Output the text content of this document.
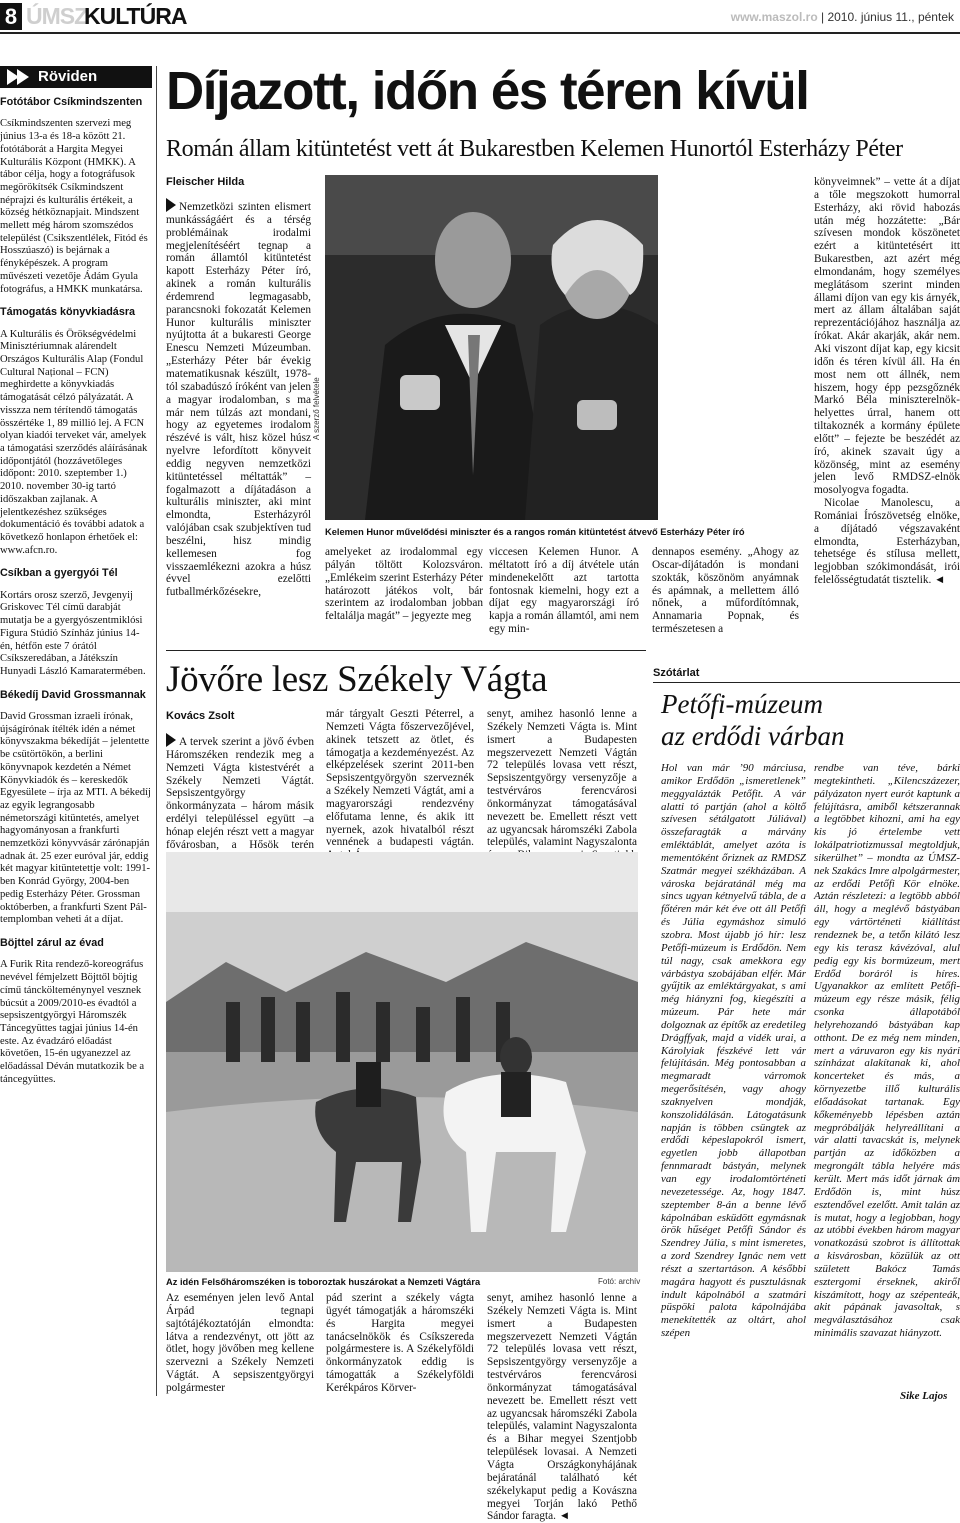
8 ÚMSZ
KULTÚRA	www.maszol.ro | 2010. június 11., péntek
Röviden
Fotótábor Csíkmindszenten

Csíkmindszenten szervezi meg június 13-a és 18-a között 21. fotótáborát a Hargita Megyei Kulturális Központ (HMKK). A tábor célja, hogy a fotográfusok megörökítsék Csíkmindszent néprajzi és kulturális értékeit, a község hétköznapjait. Mindszent mellett még három szomszédos települést (Csikszentlélek, Fitód és Hosszúaszó) is bejárnak a fényképészek. A program művészeti vezetője Ádám Gyula fotográfus, a HMKK munkatársa.

Támogatás könyvkiadásra

A Kulturális és Örökségvédelmi Minisztériumnak alárendelt Országos Kulturális Alap (Fondul Cultural Național – FCN) meghirdette a könyvkiadás támogatását célzó pályázatát. A visszza nem térítendő támogatás összértéke 1, 89 millió lej. A FCN olyan kiadói terveket vár, amelyek a támogatási szerződés aláírásának időpontjától (hozzávetőleges időpont: 2010. szeptember 1.) 2010. november 30-ig tartó időszakban zajlanak. A jelentkezéshez szükséges dokumentáció és további adatok a következő honlapon érhetőek el: www.afcn.ro.

Csíkban a gyergyói Tél

Kortárs orosz szerző, Jevgenyij Griskovec Tél című darabját mutatja be a gyergyószentmiklósi Figura Stúdió Színház június 14-én, hétfőn este 7 órától Csíkszeredában, a Játékszín Hunyadi László Kamaratermében.

Békedíj David Grossmannak

David Grossman izraeli írónak, újságírónak ítélték idén a német könyvszakma békedíját – jelentette be csütörtökön, a berlini könyvnapok kezdetén a Német Könyvkiadók és – kereskedők Egyesülete – írja az MTI. A békedíj az egyik legrangosabb németországi kitüntetés, amelyet hagyományosan a frankfurti nemzetközi könyvvásár zárónapján adnak át. 25 ezer euróval jár, eddig két magyar kitüntetettje volt: 1991-ben Konrád György, 2004-ben pedig Esterházy Péter. Grossman októberben, a frankfurti Szent Pál-templomban veheti át a díjat.

Böjttel zárul az évad

A Furik Rita rendező-koreográfus nevével fémjelzett Böjttől böjtig című tánckölteménynyel vesznek búcsút a 2009/2010-es évadtól a sepsiszentgyörgyi Háromszék Táncegyüttes tagjai június 14-én este. Az évadzáró előadást követően, 15-én ugyanezzel az előadással Déván mutatkozik be a táncegyüttes.

Díjazott, időn és téren kívül
Román állam kitüntetést vett át Bukarestben Kelemen Hunortól Esterházy Péter
Fleischer Hilda
Nemzetközi szinten elismert munkásságáért és a térség problémáinak irodalmi megjelenítéséért tegnap a román államtól kitüntetést kapott Esterházy Péter író, akinek a román kulturális érdemrend legmagasabb, parancsnoki fokozatát Kelemen Hunor kulturális miniszter nyújtotta át a bukaresti George Enescu Nemzeti Múzeumban. „Esterházy Péter bár évekig matematikusnak készült, 1978-tól szabadúszó íróként van jelen a magyar irodalomban, s ma már nem túlzás azt mondani, hogy az egyetemes irodalom részévé is vált, hisz közel húsz nyelvre lefordított könyveit eddig negyven nemzetközi kitüntetéssel méltatták” – fogalmazott a díjátadáson a kulturális miniszter, aki mint elmondta, Esterházyról valójában csak szubjektíven tud beszélni, hisz mindig kellemesen fog visszaemlékezni azokra a húsz évvel ezelőtti futballmérkőzésekre,
A szerző felvétele
Kelemen Hunor művelődési miniszter és a rangos román kitüntetést átvevő Esterházy Péter író
amelyeket az irodalommal egy pályán töltött Kolozsváron. „Emlékeim szerint Esterházy Péter határozott játékos volt, bár szerintem az irodalomban jobban feltalálja magát” – jegyezte meg
viccesen Kelemen Hunor. A méltatott író a díj átvétele után mindenekelőtt azt tartotta fontosnak kiemelni, hogy ezt a díjat egy magyarországi író kapja a román államtól, ami nem egy min-
dennapos esemény. „Ahogy az Oscar-díjátadón is mondani szokták, köszönöm anyámnak és apámnak, a mellettem álló nőnek, a műfordítómnak, Annamaria Popnak, és természetesen a

könyveimnek” – vette át a díjat a tőle megszokott humorral Esterházy, aki rövid habozás után még hozzátette: „Bár szívesen mondok köszönetet ezért a kitüntetésért itt Bukarestben, azt azért még elmondanám, hogy személyes meglátásom szerint minden állami díjon van egy kis árnyék, mert az állam általában saját reprezentációjához használja az írókat. Akár akarják, akár nem. Aki viszont díjat kap, egy kicsit időn és téren kívül áll. Ha én most nem ott állnék, nem hiszem, hogy épp pezsgőznék Markó Béla miniszterelnök-helyettes úrral, hanem ott tiltakoznék a kormány épülete előtt” – fejezte be beszédét az író, akinek szavait úgy a közönség, mint az esemény jelen levő RMDSZ-elnök mosolyogva fogadta.

Nicolae Manolescu, a Romániai Írószövetség elnöke, a díjátadó végszavaként elmondta, Esterházyban, tehetsége és stílusa mellett, legjobban szókimondását, irói felelősségtudatát tisztelik. ◄

Jövőre lesz Székely Vágta
Kovács Zsolt
A tervek szerint a jövő évben Háromszéken rendezik meg a Nemzeti Vágta kistestvérét a Székely Nemzeti Vágtát. Sepsiszentgyörgy önkormányzata – három másik erdélyi településsel együtt –a hónap elején részt vett a magyar fővárosban, a Hősök terén
már tárgyalt Geszti Péterrel, a Nemzeti Vágta főszervezőjével, akinek tetszett az ötlet, és támogatja a kezdeményezést. Az elképzelések szerint 2011-ben Sepsiszentgyörgyön szerveznék a Székely Nemzeti Vágtát, ami a magyarországi rendezvény előfutama lenne, és akik itt nyernek, azok hivatalból részt vennének a budapesti vágtán.
senyt, amihez hasonló lenne a Székely Nemzeti Vágta is. Mint ismert a Budapesten megszervezett Nemzeti Vágtán 72 település lovasa vett részt, Sepsiszentgyörgy versenyzője a testvérváros ferencvárosi önkormányzat támogatásával nevezett be. Emellett részt vett az ugyancsak háromszéki Zabola település, valamint Nagyszalonta
Az idén Felsőháromszéken is toboroztak huszárokat a Nemzeti Vágtára	Fotó: archív
Az eseményen jelen levő Antal Árpád tegnapi sajtótájékoztatóján elmondta: látva a rendezvényt, ott jött az ötlet, hogy jövőben meg kellene szervezni a Székely Nemzeti Vágtát. A sepsiszentgyörgyi polgármester
pád szerint a székely vágta ügyét támogatják a háromszéki és Hargita megyei tanácselnökök és Csíkszereda polgármestere is. A Székelyföldi önkormányzatok eddig is támogatták a Székelyföldi Kerékpáros Körver-
senyt, amihez hasonló lenne a Székely Nemzeti Vágta is. Mint ismert a Budapesten megszervezett Nemzeti Vágtán 72 település lovasa vett részt, Sepsiszentgyörgy versenyzője a testvérváros ferencvárosi önkormányzat támogatásával nevezett be. Emellett részt vett az ugyancsak háromszéki Zabola település, valamint Nagyszalonta és a Bihar megyei Szentjobb települések lovasai. A Nemzeti Vágta Országkonyhájának bejáratánál található két székelykaput pedig a Kovászna megyei Torján lakó Pethő Sándor faragta. ◄
Szótárlat
Petőfi-múzeum
az erdődi várban
Hol van már ’90 márciusa, amikor Erdődön „ismeretlenek” meggyalázták Petőfit. A vár alatti tó partján (ahol a költő szívesen sétálgatott Júliával) összefaragták a márvány emléktáblát, amelyet azóta is mementóként őriznek az RMDSZ Szatmár megyei székházában. A városka bejáratánál még ma sincs ugyan kétnyelvű tábla, de a főtéren már két éve ott áll Petőfi és Júlia egymáshoz simuló szobra. Most újabb jó hír: lesz Petőfi-múzeum is Erdődön. Nem túl nagy, csak amekkora egy várbástya szobájában elfér. Már gyűjtik az emléktárgyakat, s ami még hiányzni fog, kiegészíti a múzeum. Pár hete már dolgoznak az építők az eredetileg Drágffyak, majd a vidék urai, a Károlyiak fészkévé lett vár felújításán. Még pontosabban a megmaradt várromok megerősítésén, vagy ahogy szaknyelven mondják, konszolidálásán. Látogatásunk napján is többen csüngtek az erdődi képeslapokról ismert, egyetlen jobb állapotban fennmaradt bástyán, melynek van egy irodalomtörténeti nevezetessége. Az, hogy 1847. szeptember 8-án a benne lévő kápolnában esküdött egymásnak örök hűséget Petőfi Sándor és Szendrey Júlia, s mint ismeretes, a zord Szendrey Ignác nem vett részt a szertartáson. A későbbi magára hagyott és pusztulásnak indult kápolnából a szatmári püspöki palota kápolnájába menekítették az oltárt, ahol szépen
rendbe van téve, bárki megtekintheti. „Kilencszázezer, pályázaton nyert eurót kaptunk a felújításra, amiből kétszerannak a legtöbbet kihozni, ami ha egy kis jó értelembe vett lokálpatriotizmussal megtoldjuk, sikerülhet” – mondta az ÚMSZ-nek Szakács Imre alpolgármester, az erdődi Petőfi Kör elnöke. Aztán részletezi: a legtöbb abból áll, hogy a meglévő bástyában egy vártörténeti kiállítást rendeznek be, a tetőn kilátó lesz egy kis terasz kávézóval, alul pedig egy kis bormúzeum, mert Erdőd boráról is híres. Ugyanakkor az említett Petőfi-múzeum egy része másik, félig csonka állapotából helyrehozandó bástyában kap otthont. De ez még nem minden, mert a váruvaron egy kis nyári színházat alakítanak ki, ahol koncerteket és más, a környezetbe illő kulturális előadásokat tartanak. Egy kőkeményebb lépésben aztán megpróbálják helyreállítani a vár alatti tavacskát is, melynek partján az időközben a megrongált tábla helyére más került. Mert más időt járnak ám Erdődön is, mint húsz esztendővel ezelőtt. Amit talán az is mutat, hogy a legjobban, hogy az utóbbi években három magyar vonatkozású szobrot is állítottak a kisvárosban, közülük az ott született Bakócz Tamás esztergomi érseknek, akiről kiszámított, hogy az szépenteák, akit pápának javasoltak, s megválasztásához csak minimális szavazat hiányzott.
Sike Lajos
